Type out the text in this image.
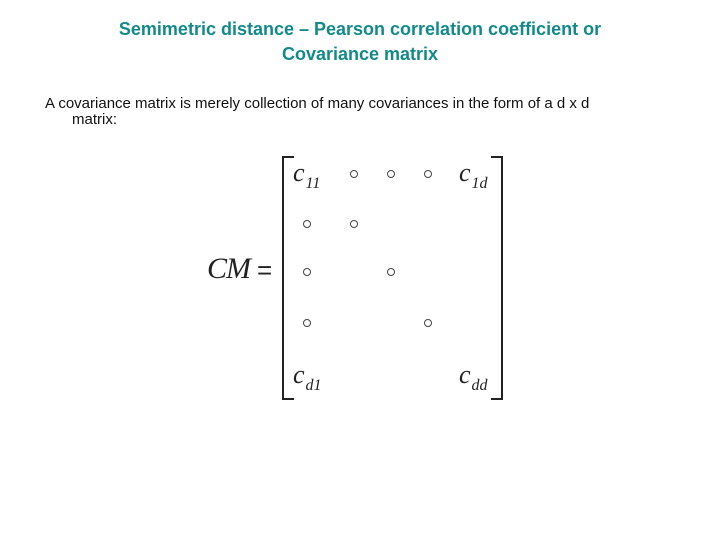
Semimetric distance – Pearson correlation coefficient or
Covariance matrix
A covariance matrix is merely collection of many covariances in the form of a d x d
matrix:
CM =
$c_{11}$	$c_{1d}$
$c_{d1}$	$c_{dd}$
